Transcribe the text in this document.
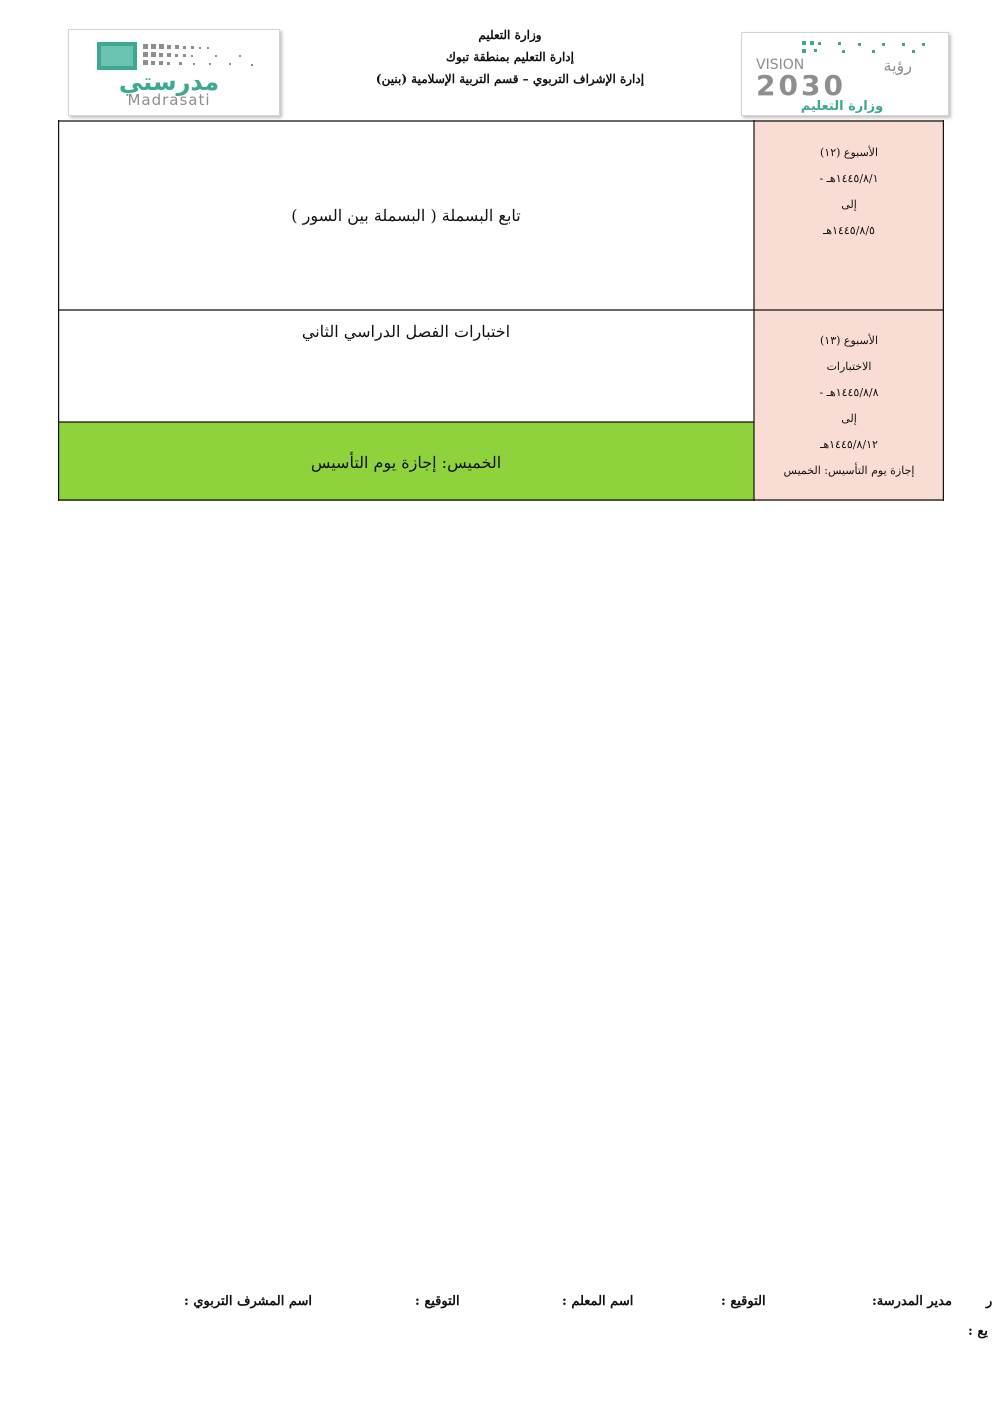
مدرستي
Madrasati
وزارة التعليم
إدارة التعليم بمنطقة تبوك
إدارة الإشراف التربوي – قسم التربية الإسلامية (بنين)
VISION	رؤية
2030
وزارة التعليم
الأسبوع (١٢)
١٤٤٥/٨/١هـ -
إلى
١٤٤٥/٨/٥هـ
تابع البسملة ( البسملة بين السور )
الأسبوع (١٣)
الاختبارات
١٤٤٥/٨/٨هـ -
إلى
١٤٤٥/٨/١٢هـ
إجازة يوم التأسيس: الخميس
اختبارات الفصل الدراسي الثاني
الخميس: إجازة يوم التأسيس
ر
مدير المدرسة:
التوقيع :
اسم المعلم :
التوقيع :
اسم المشرف التربوي :
يع :
